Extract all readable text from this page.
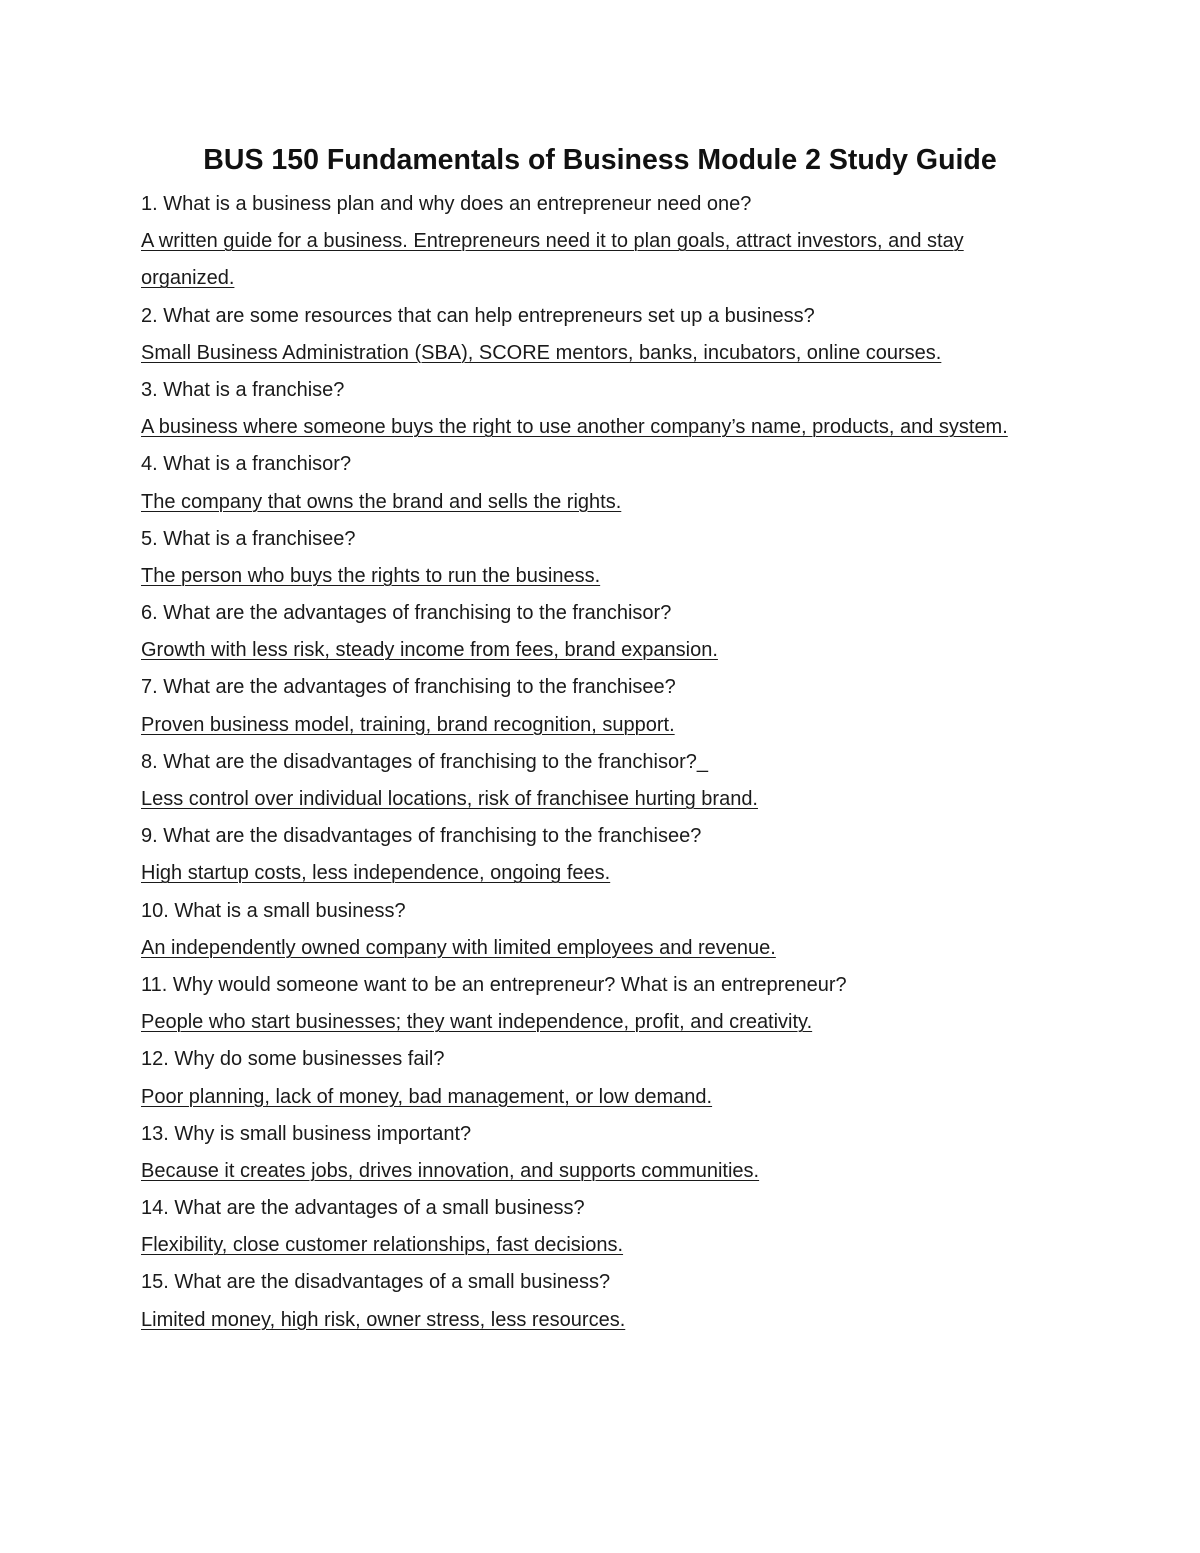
BUS 150 Fundamentals of Business Module 2 Study Guide
1. What is a business plan and why does an entrepreneur need one?
A written guide for a business. Entrepreneurs need it to plan goals, attract investors, and stay organized.
2. What are some resources that can help entrepreneurs set up a business?
Small Business Administration (SBA), SCORE mentors, banks, incubators, online courses.
3. What is a franchise?
A business where someone buys the right to use another company’s name, products, and system.
4. What is a franchisor?
The company that owns the brand and sells the rights.
5. What is a franchisee?
The person who buys the rights to run the business.
6. What are the advantages of franchising to the franchisor?
Growth with less risk, steady income from fees, brand expansion.
7. What are the advantages of franchising to the franchisee?
Proven business model, training, brand recognition, support.
8. What are the disadvantages of franchising to the franchisor?_
Less control over individual locations, risk of franchisee hurting brand.
9. What are the disadvantages of franchising to the franchisee?
High startup costs, less independence, ongoing fees.
10. What is a small business?
An independently owned company with limited employees and revenue.
11. Why would someone want to be an entrepreneur? What is an entrepreneur?
People who start businesses; they want independence, profit, and creativity.
12. Why do some businesses fail?
Poor planning, lack of money, bad management, or low demand.
13. Why is small business important?
Because it creates jobs, drives innovation, and supports communities.
14. What are the advantages of a small business?
Flexibility, close customer relationships, fast decisions.
15. What are the disadvantages of a small business?
Limited money, high risk, owner stress, less resources.
